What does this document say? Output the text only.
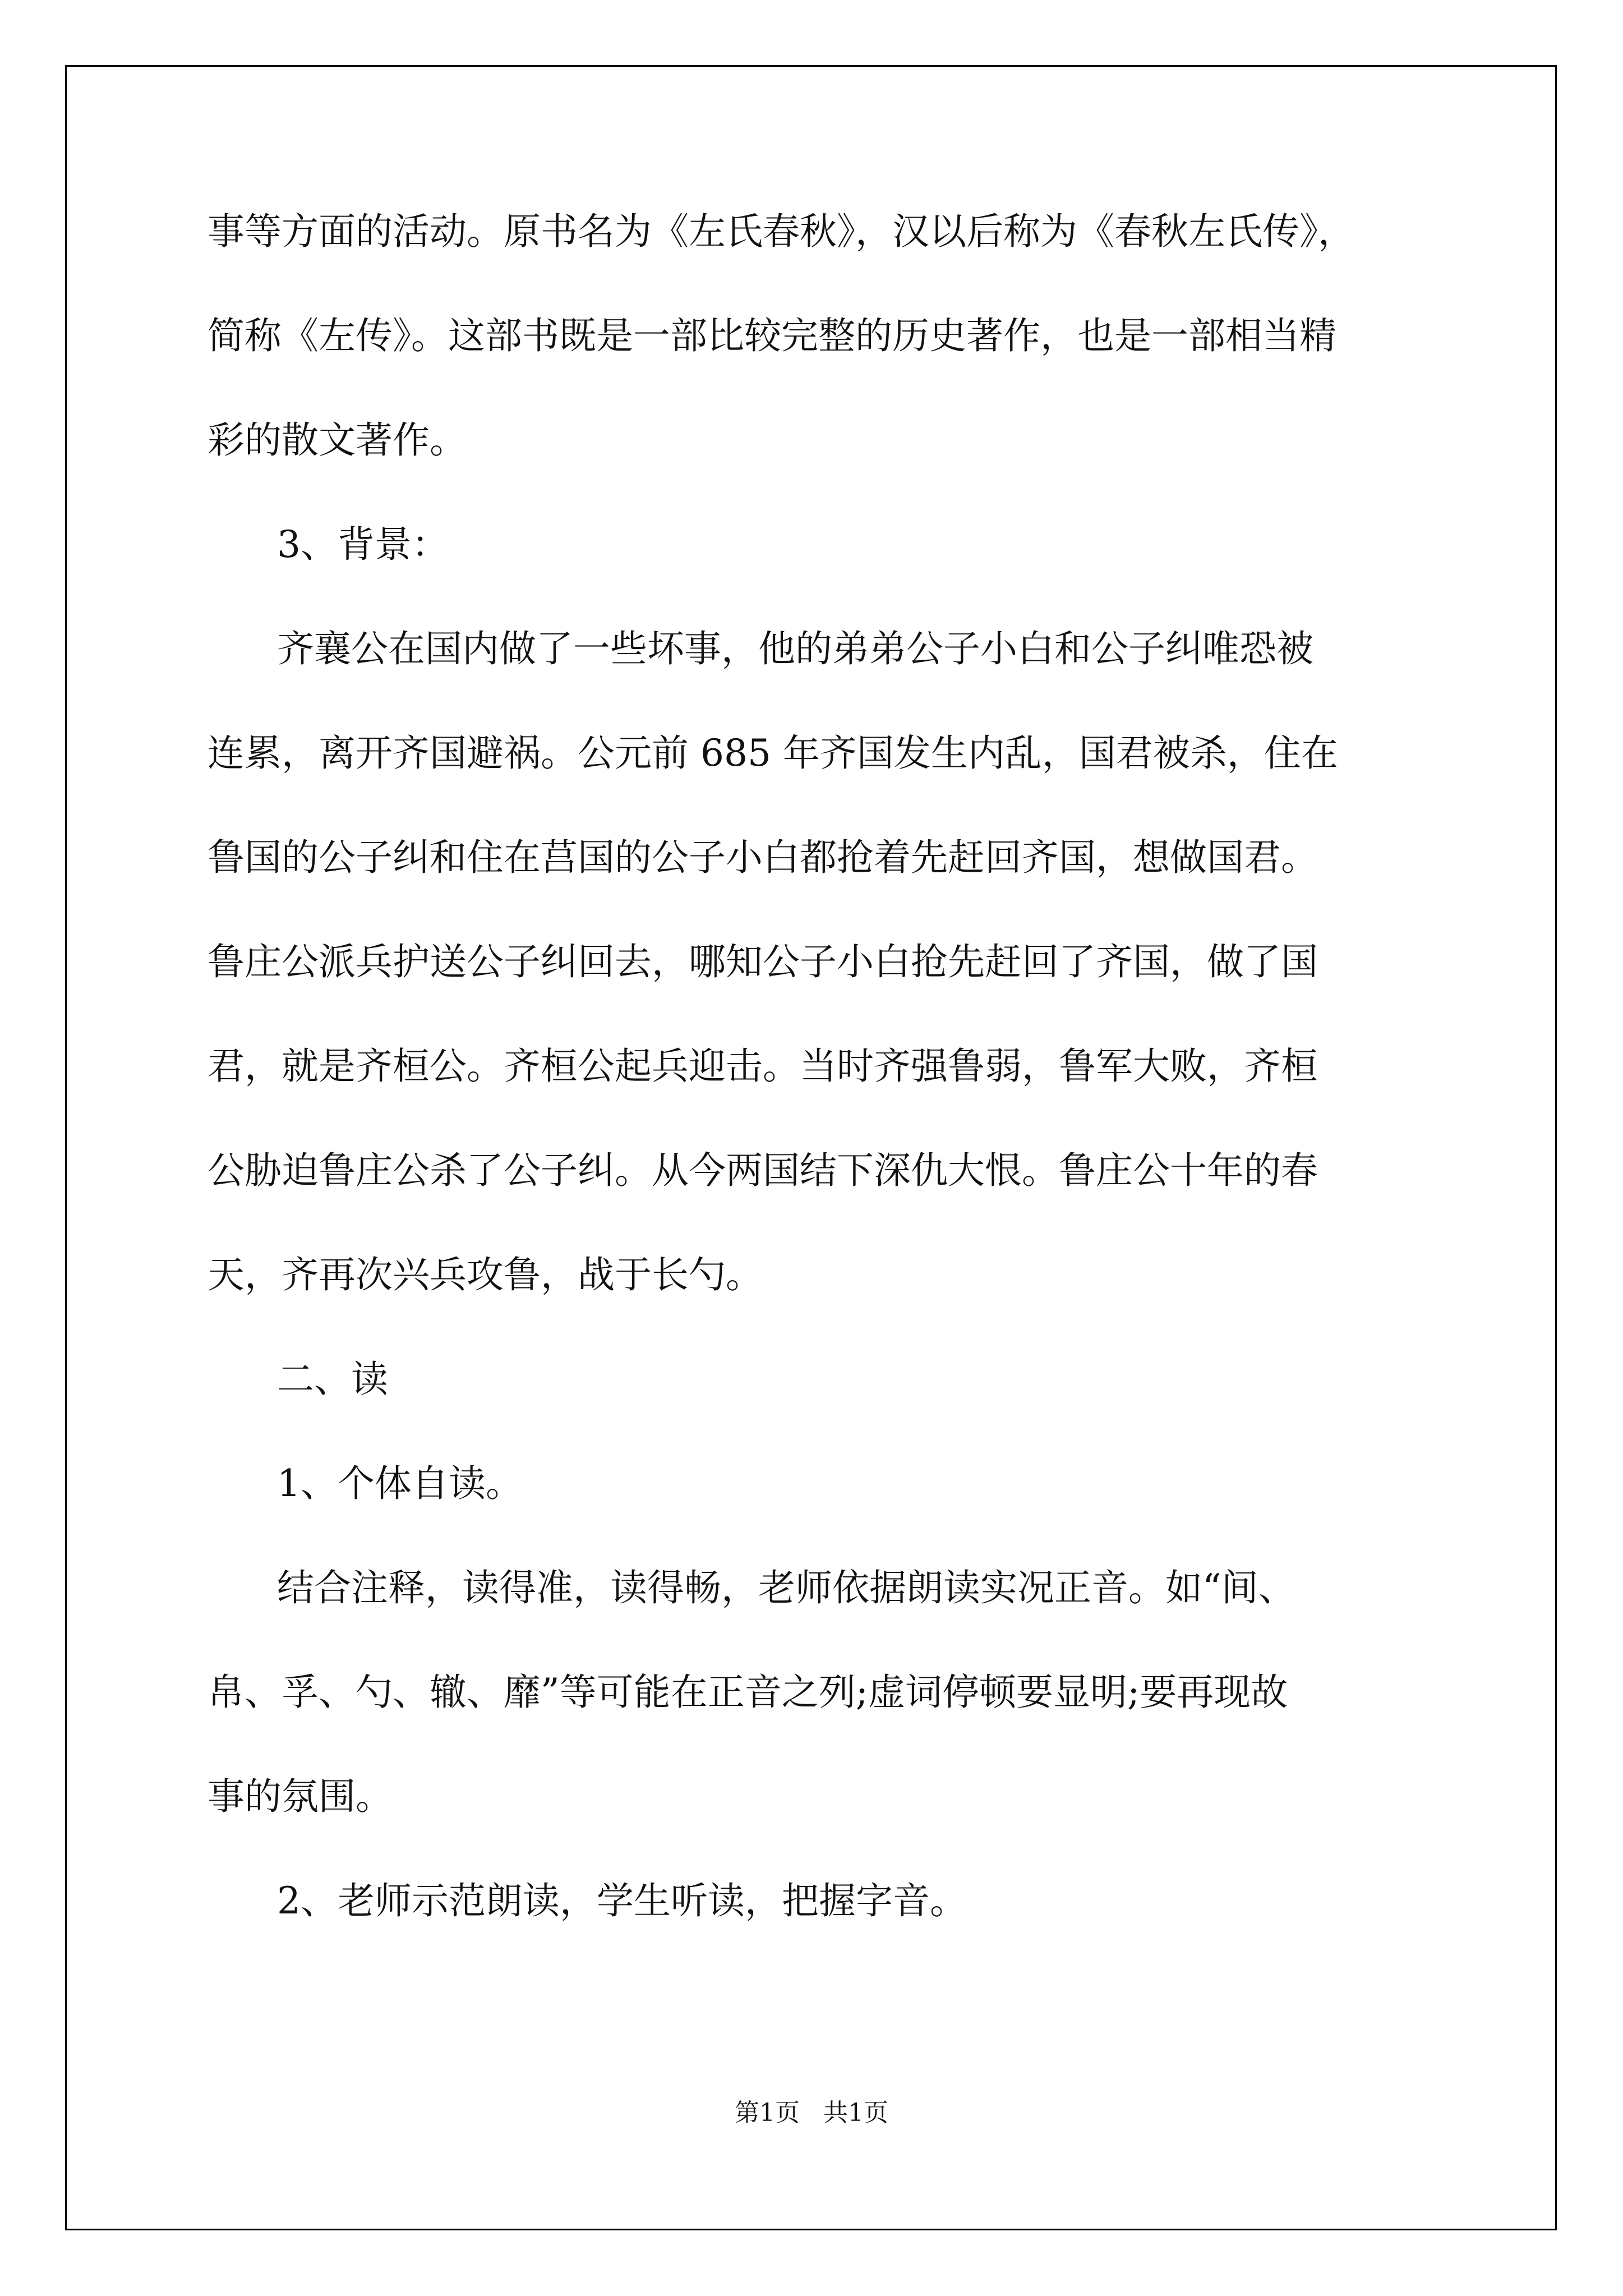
事等方面的活动。原书名为《左氏春秋》，汉以后称为《春秋左氏传》，
简称《左传》。这部书既是一部比较完整的历史著作，也是一部相当精
彩的散文著作。
3、背景：
齐襄公在国内做了一些坏事，他的弟弟公子小白和公子纠唯恐被
连累，离开齐国避祸。公元前 685 年齐国发生内乱，国君被杀，住在
鲁国的公子纠和住在莒国的公子小白都抢着先赶回齐国，想做国君。
鲁庄公派兵护送公子纠回去，哪知公子小白抢先赶回了齐国，做了国
君，就是齐桓公。齐桓公起兵迎击。当时齐强鲁弱，鲁军大败，齐桓
公胁迫鲁庄公杀了公子纠。从今两国结下深仇大恨。鲁庄公十年的春
天，齐再次兴兵攻鲁，战于长勺。
二、读
1、个体自读。
结合注释，读得准，读得畅，老师依据朗读实况正音。如“间、
帛、孚、勺、辙、靡”等可能在正音之列;虚词停顿要显明;要再现故
事的氛围。
2、老师示范朗读，学生听读，把握字音。
第1页   共1页
